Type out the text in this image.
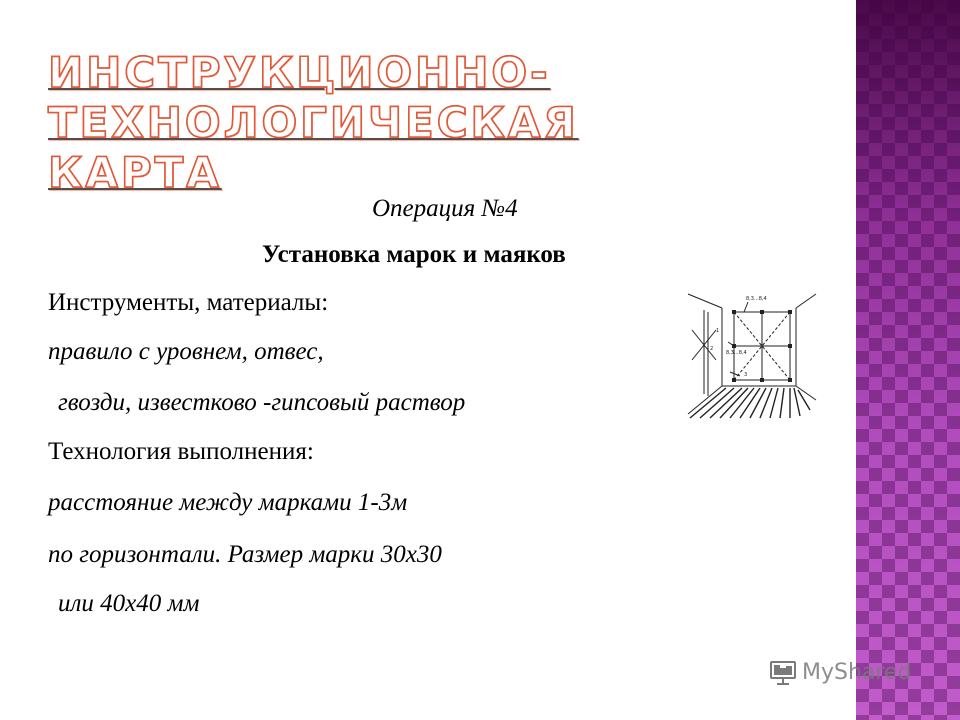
ИНСТРУКЦИОННО-ТЕХНОЛОГИЧЕСКАЯ КАРТА
Операция №4
Установка марок и маяков
Инструменты, материалы:
правило с уровнем, отвес,
гвозди, известково -гипсовый раствор
Технология выполнения:
расстояние между марками 1-3м
по горизонтали. Размер марки 30х30
или 40х40 мм
8,3...8,4
8,3...8,4
1
2
3
MyShared
